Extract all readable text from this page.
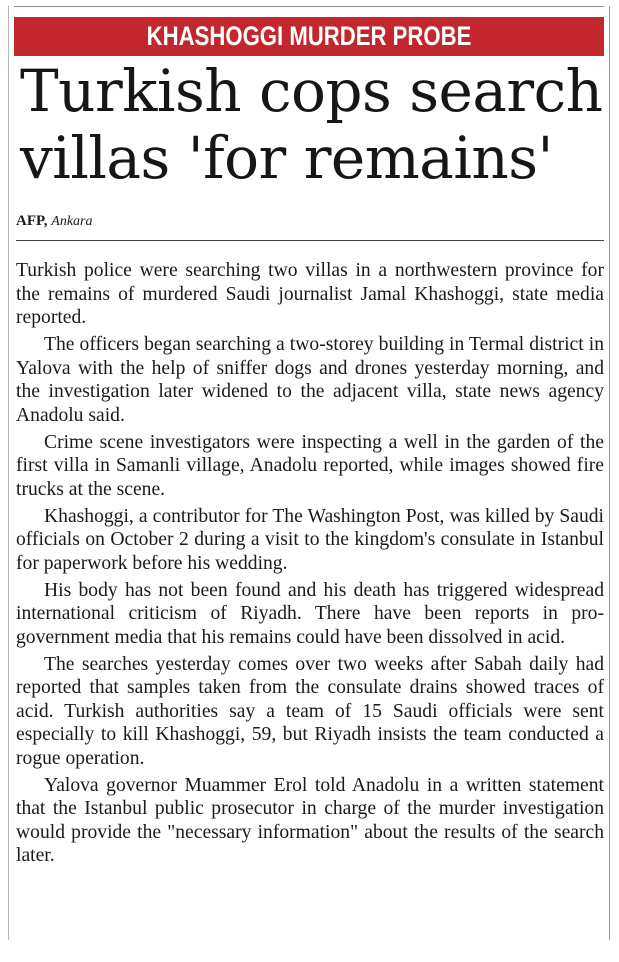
KHASHOGGI MURDER PROBE
Turkish cops search
villas 'for remains'
AFP, Ankara

Turkish police were searching two villas in a northwestern province for the remains of murdered Saudi journalist Jamal Khashoggi, state media reported.

The officers began searching a two-storey building in Termal district in Yalova with the help of sniffer dogs and drones yesterday morning, and the investigation later widened to the adjacent villa, state news agency Anadolu said.

Crime scene investigators were inspecting a well in the garden of the first villa in Samanli village, Anadolu reported, while images showed fire trucks at the scene.

Khashoggi, a contributor for The Washington Post, was killed by Saudi officials on October 2 during a visit to the kingdom's consulate in Istanbul for paperwork before his wedding.

His body has not been found and his death has triggered widespread international criticism of Riyadh. There have been reports in pro-government media that his remains could have been dissolved in acid.

The searches yesterday comes over two weeks after Sabah daily had reported that samples taken from the consulate drains showed traces of acid. Turkish authorities say a team of 15 Saudi officials were sent especially to kill Khashoggi, 59, but Riyadh insists the team conducted a rogue operation.

Yalova governor Muammer Erol told Anadolu in a written statement that the Istanbul public prosecutor in charge of the murder investigation would provide the "necessary information" about the results of the search later.
